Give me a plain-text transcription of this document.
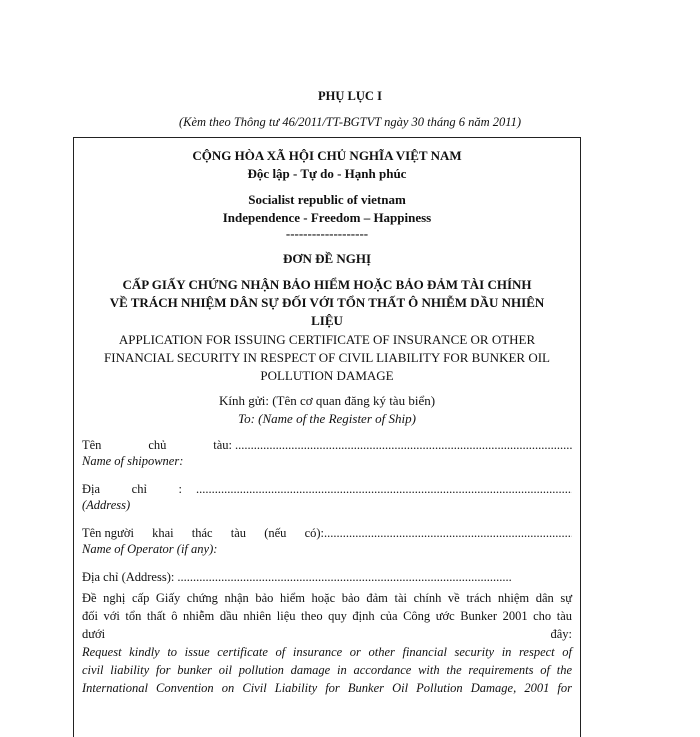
PHỤ LỤC I
(Kèm theo Thông tư 46/2011/TT-BGTVT ngày 30 tháng 6 năm 2011)
CỘNG HÒA XÃ HỘI CHỦ NGHĨA VIỆT NAM
Độc lập - Tự do - Hạnh phúc
Socialist republic of vietnam
Independence - Freedom – Happiness
-------------------
ĐƠN ĐỀ NGHỊ
CẤP GIẤY CHỨNG NHẬN BẢO HIỂM HOẶC BẢO ĐẢM TÀI CHÍNH
VỀ TRÁCH NHIỆM DÂN SỰ ĐỐI VỚI TỔN THẤT Ô NHIỄM DẦU NHIÊN
LIỆU
APPLICATION FOR ISSUING CERTIFICATE OF INSURANCE OR OTHER
FINANCIAL SECURITY IN RESPECT OF CIVIL LIABILITY FOR BUNKER OIL
POLLUTION DAMAGE
Kính gửi: (Tên cơ quan đăng ký tàu biển)
To: (Name of the Register of Ship)
Tên	chủ	tàu:
.....
Name of shipowner:
Địa	chỉ	:
.....
(Address)
Tên người khai thác tàu (nếu có):
.....
Name of Operator (if any):
Địa chỉ (Address):
.....
Đề nghị cấp Giấy chứng nhận bảo hiểm hoặc bảo đảm tài chính về trách nhiệm dân sự
đối với tổn thất ô nhiễm dầu nhiên liệu theo quy định của Công ước Bunker 2001 cho tàu
dưới	đây:
Request kindly to issue certificate of insurance or other financial security in respect of
civil liability for bunker oil pollution damage in accordance with the requirements of the
International Convention on Civil Liability for Bunker Oil Pollution Damage, 2001 for
